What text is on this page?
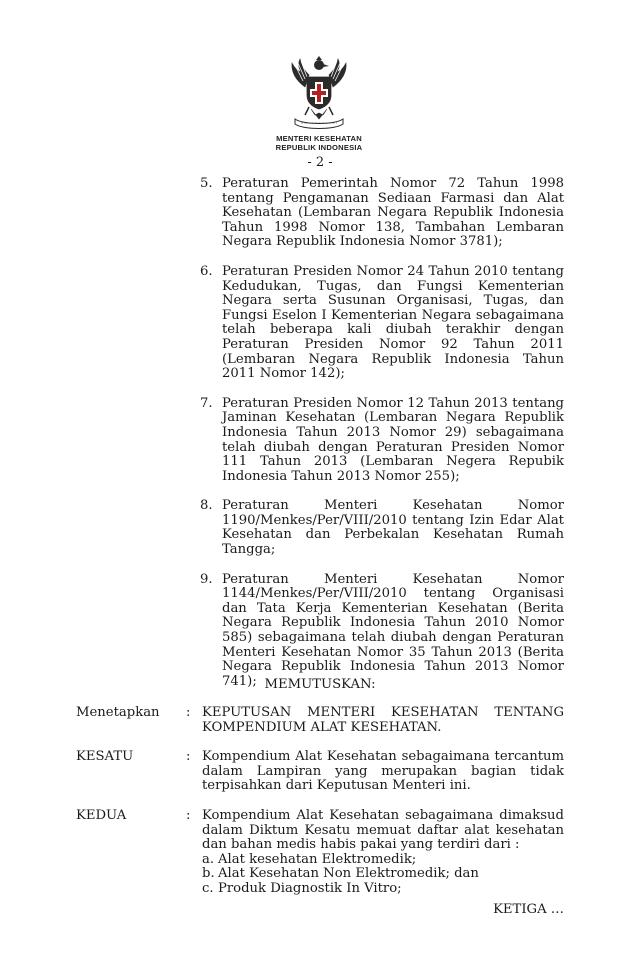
MENTERI KESEHATAN
REPUBLIK INDONESIA
- 2 -
5. Peraturan Pemerintah Nomor 72 Tahun 1998 tentang Pengamanan Sediaan Farmasi dan Alat Kesehatan (Lembaran Negara Republik Indonesia Tahun 1998 Nomor 138, Tambahan Lembaran Negara Republik Indonesia Nomor 3781);
6. Peraturan Presiden Nomor 24 Tahun 2010 tentang Kedudukan, Tugas, dan Fungsi Kementerian Negara serta Susunan Organisasi, Tugas, dan Fungsi Eselon I Kementerian Negara sebagaimana telah beberapa kali diubah terakhir dengan Peraturan Presiden Nomor 92 Tahun 2011 (Lembaran Negara Republik Indonesia Tahun 2011 Nomor 142);
7. Peraturan Presiden Nomor 12 Tahun 2013 tentang Jaminan Kesehatan (Lembaran Negara Republik Indonesia Tahun 2013 Nomor 29) sebagaimana telah diubah dengan Peraturan Presiden Nomor 111 Tahun 2013 (Lembaran Negera Repubik Indonesia Tahun 2013 Nomor 255);
8. Peraturan Menteri Kesehatan Nomor 1190/Menkes/Per/VIII/2010 tentang Izin Edar Alat Kesehatan dan Perbekalan Kesehatan Rumah Tangga;
9. Peraturan Menteri Kesehatan Nomor 1144/Menkes/Per/VIII/2010 tentang Organisasi dan Tata Kerja Kementerian Kesehatan (Berita Negara Republik Indonesia Tahun 2010 Nomor 585) sebagaimana telah diubah dengan Peraturan Menteri Kesehatan Nomor 35 Tahun 2013 (Berita Negara Republik Indonesia Tahun 2013 Nomor 741); MEMUTUSKAN:
Menetapkan : KEPUTUSAN MENTERI KESEHATAN TENTANG KOMPENDIUM ALAT KESEHATAN.
KESATU	: Kompendium Alat Kesehatan sebagaimana tercantum dalam Lampiran yang merupakan bagian tidak terpisahkan dari Keputusan Menteri ini.
KEDUA	: Kompendium Alat Kesehatan sebagaimana dimaksud dalam Diktum Kesatu memuat daftar alat kesehatan dan bahan medis habis pakai yang terdiri dari :
a. Alat kesehatan Elektromedik;
b. Alat Kesehatan Non Elektromedik; dan
c. Produk Diagnostik In Vitro;
KETIGA …
